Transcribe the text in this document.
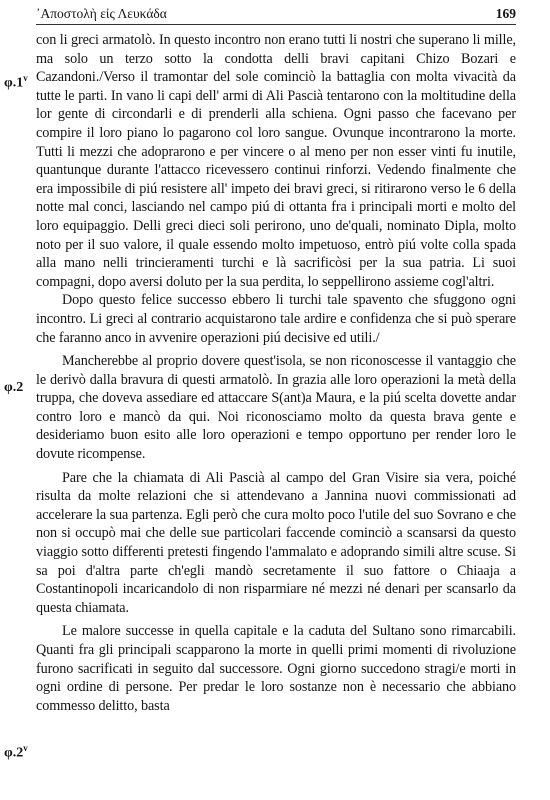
᾿Αποστολὴ εἰς Λευκάδα	169
φ.1$^v$
φ.2
φ.2$^v$

con li greci armatolò. In questo incontro non erano tutti li nostri che superano li mille, ma solo un terzo sotto la condotta delli bravi capitani Chizo Bozari e Cazandoni./Verso il tramontar del sole cominciò la battaglia con molta vivacità da tutte le parti. In vano li capi dell' armi di Ali Pascià tentarono con la moltitudine della lor gente di circondarli e di prenderli alla schiena. Ogni passo che facevano per compire il loro piano lo pagarono col loro sangue. Ovunque incontrarono la morte. Tutti li mezzi che adoprarono e per vincere o al meno per non esser vinti fu inutile, quantunque durante l'attacco ricevessero continui rinforzi. Vedendo finalmente che era impossibile di piú resistere all' impeto dei bravi greci, si ritirarono verso le 6 della notte mal conci, lasciando nel campo piú di ottanta fra i principali morti e molto del loro equipaggio. Delli greci dieci soli perirono, uno de'quali, nominato Dipla, molto noto per il suo valore, il quale essendo molto impetuoso, entrò piú volte colla spada alla mano nelli trincieramenti turchi e là sacrificòsi per la sua patria. Li suoi compagni, dopo aversi doluto per la sua perdita, lo seppellirono assieme cogl'altri.

Dopo questo felice successo ebbero li turchi tale spavento che sfuggono ogni incontro. Li greci al contrario acquistarono tale ardire e confidenza che si può sperare che faranno anco in avvenire operazioni piú decisive ed utili./

Mancherebbe al proprio dovere quest'isola, se non riconoscesse il vantaggio che le derivò dalla bravura di questi armatolò. In grazia alle loro operazioni la metà della truppa, che doveva assediare ed attaccare S(ant)a Maura, e la piú scelta dovette andar contro loro e mancò da qui. Noi riconosciamo molto da questa brava gente e desideriamo buon esito alle loro operazioni e tempo opportuno per render loro le dovute ricompense.

Pare che la chiamata di Ali Pascià al campo del Gran Visire sia vera, poiché risulta da molte relazioni che si attendevano a Jannina nuovi commissionati ad accelerare la sua partenza. Egli però che cura molto poco l'utile del suo Sovrano e che non si occupò mai che delle sue particolari faccende cominciò a scansarsi da questo viaggio sotto differenti pretesti fingendo l'ammalato e adoprando simili altre scuse. Si sa poi d'altra parte ch'egli mandò secretamente il suo fattore o Chiaaja a Costantinopoli incaricandolo di non risparmiare né mezzi né denari per scansarlo da questa chiamata.

Le malore successe in quella capitale e la caduta del Sultano sono rimarcabili. Quanti fra gli principali scapparono la morte in quelli primi momenti di rivoluzione furono sacrificati in seguito dal successore. Ogni giorno succedono stragi/e morti in ogni ordine di persone. Per predar le loro sostanze non è necessario che abbiano commesso delitto, basta
